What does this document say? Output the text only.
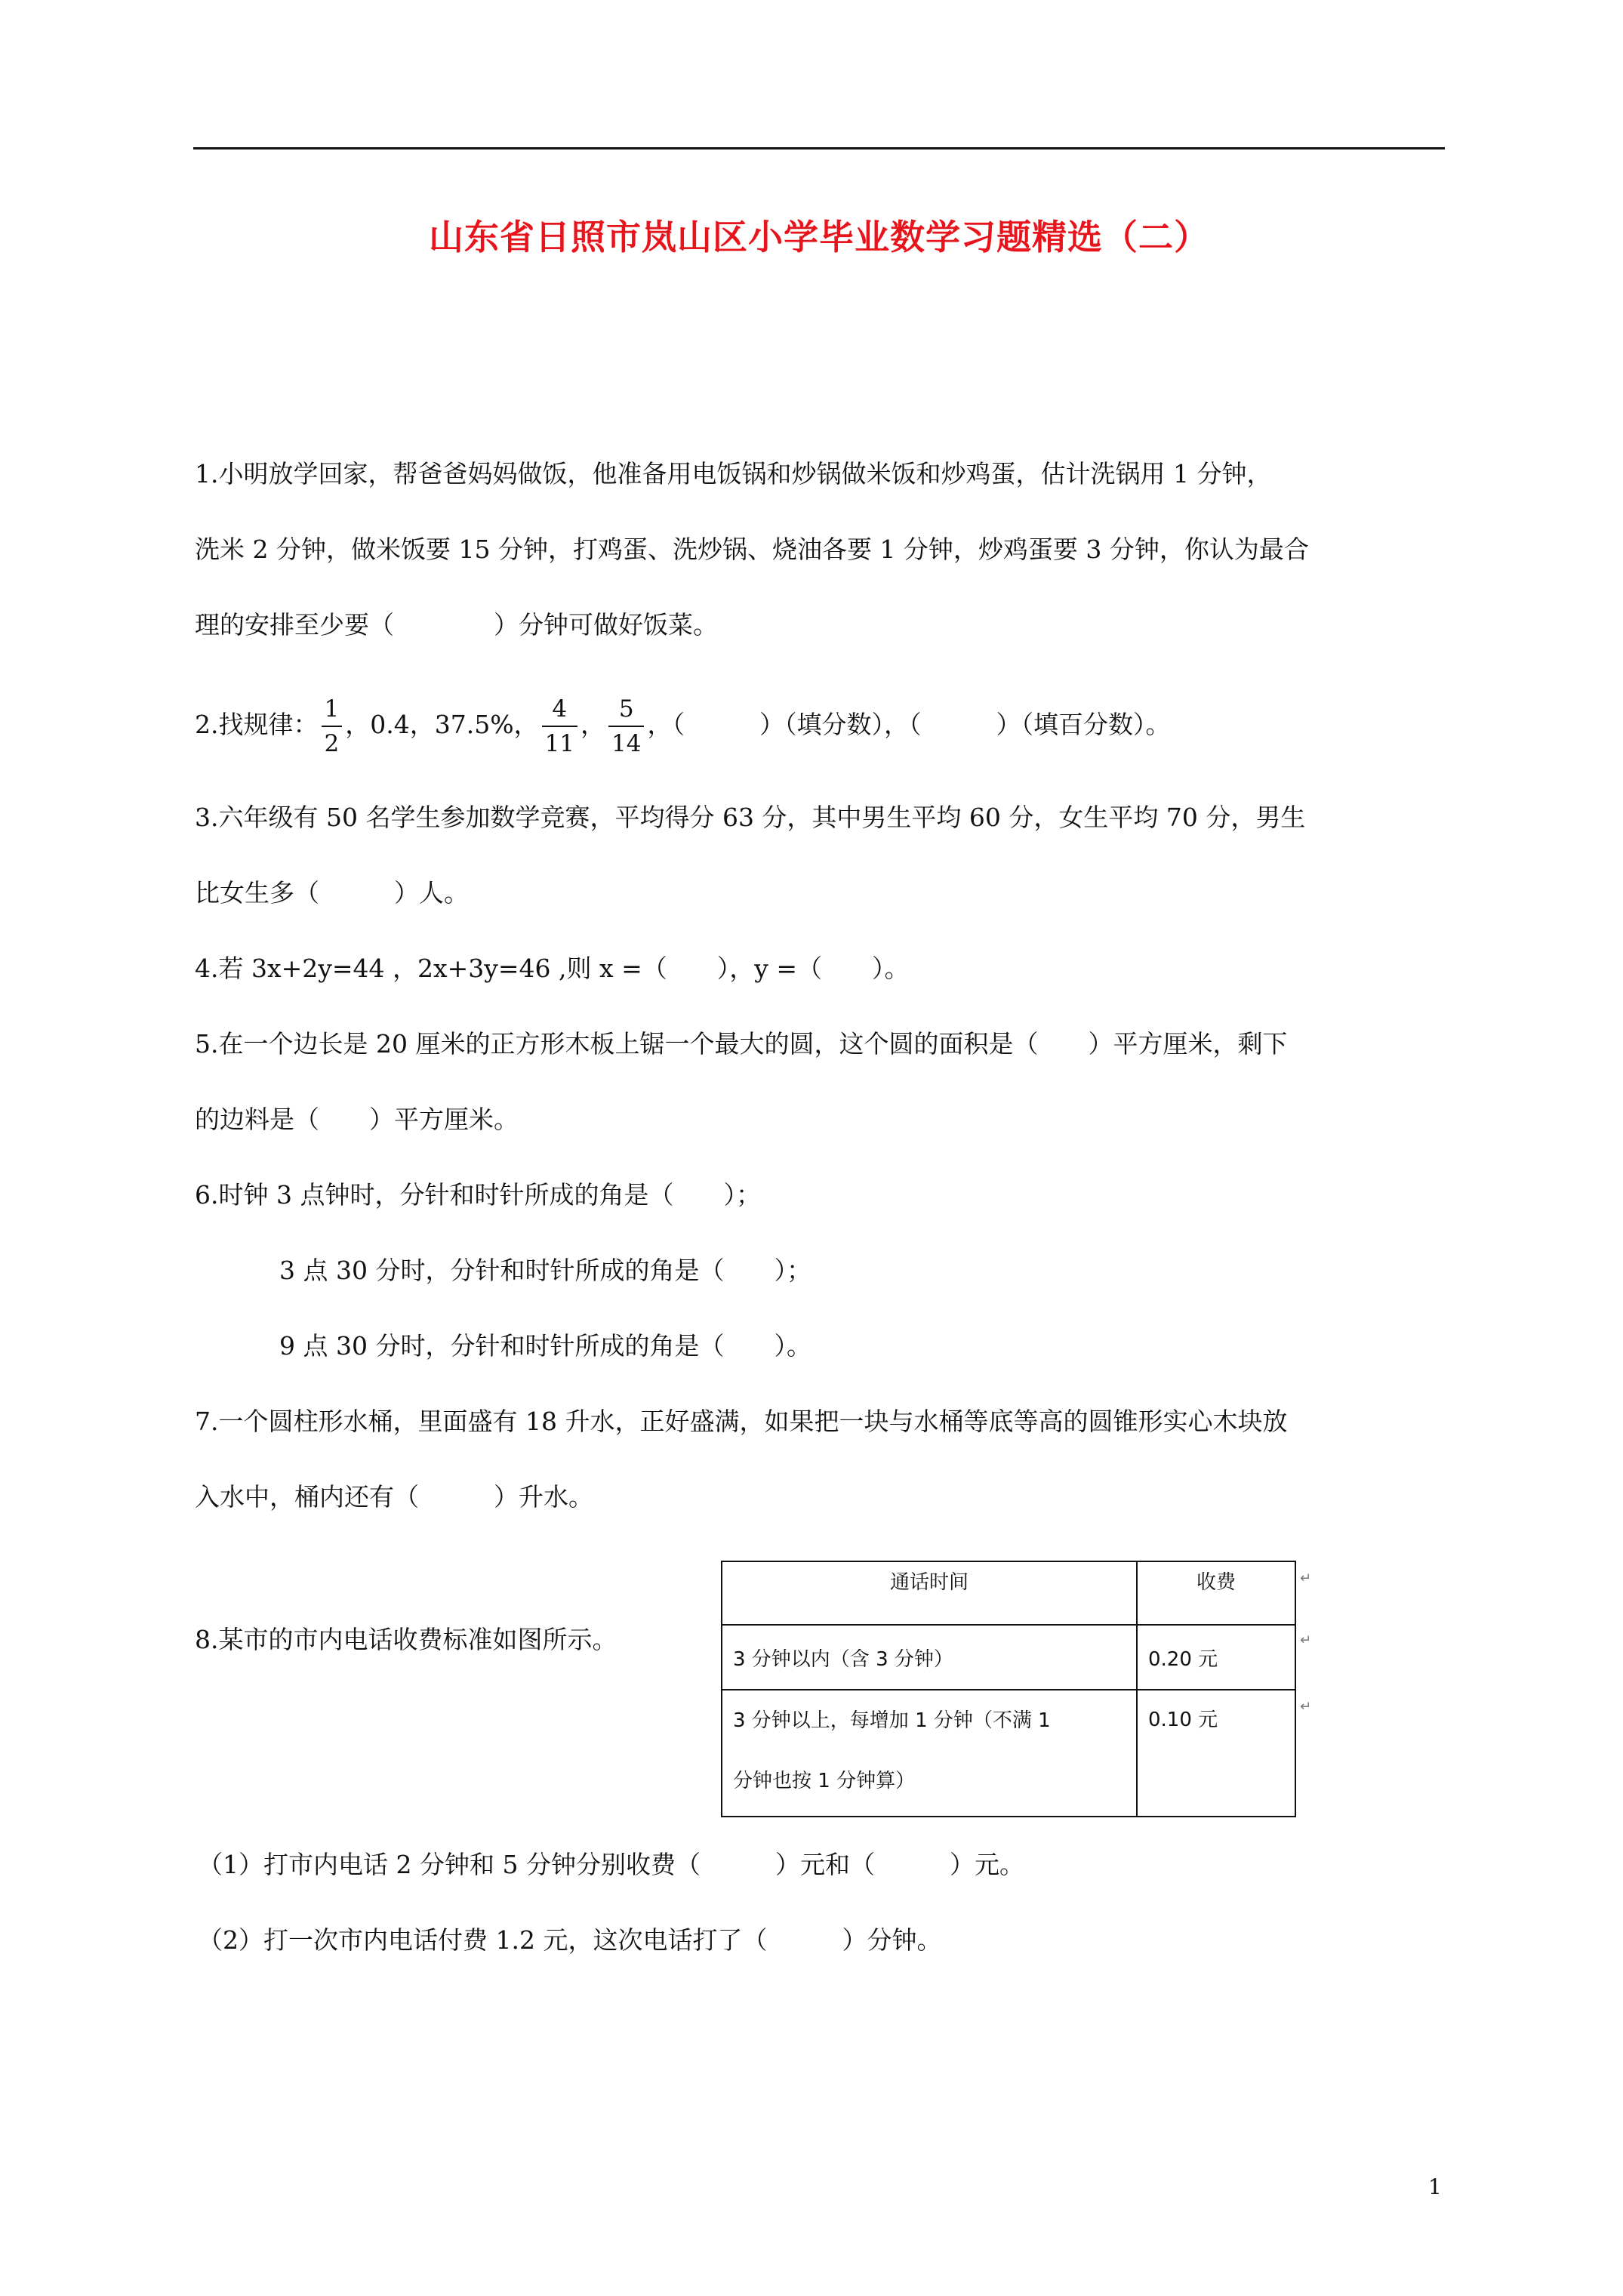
山东省日照市岚山区小学毕业数学习题精选（二）
1.小明放学回家，帮爸爸妈妈做饭，他准备用电饭锅和炒锅做米饭和炒鸡蛋，估计洗锅用 1 分钟，
洗米 2 分钟，做米饭要 15 分钟，打鸡蛋、洗炒锅、烧油各要 1 分钟，炒鸡蛋要 3 分钟，你认为最合
理的安排至少要（　　　　）分钟可做好饭菜。
2.找规律： $\frac{1}{2}$ ，0.4，37.5%， $\frac{4}{11}$ ， $\frac{5}{14}$ ，（　　　）（填分数），（　　　）（填百分数）。
3.六年级有 50 名学生参加数学竞赛，平均得分 63 分，其中男生平均 60 分，女生平均 70 分，男生
比女生多（　　　）人。
4.若 3x+2y=44 ，2x+3y=46 ,则 x =（　　），y =（　　）。
5.在一个边长是 20 厘米的正方形木板上锯一个最大的圆，这个圆的面积是（　　）平方厘米，剩下
的边料是（　　）平方厘米。
6.时钟 3 点钟时，分针和时针所成的角是（　　）；
3 点 30 分时，分针和时针所成的角是（　　）；
9 点 30 分时，分针和时针所成的角是（　　）。
7.一个圆柱形水桶，里面盛有 18 升水，正好盛满，如果把一块与水桶等底等高的圆锥形实心木块放
入水中，桶内还有（　　　）升水。
8.某市的市内电话收费标准如图所示。
通话时间	收费
3 分钟以内（含 3 分钟）	0.20 元

3 分钟以上，每增加 1 分钟（不满 1
分钟也按 1 分钟算）	0.10 元
↵
↵
↵
（1）打市内电话 2 分钟和 5 分钟分别收费（　　　）元和（　　　）元。
（2）打一次市内电话付费 1.2 元，这次电话打了（　　　）分钟。
1
